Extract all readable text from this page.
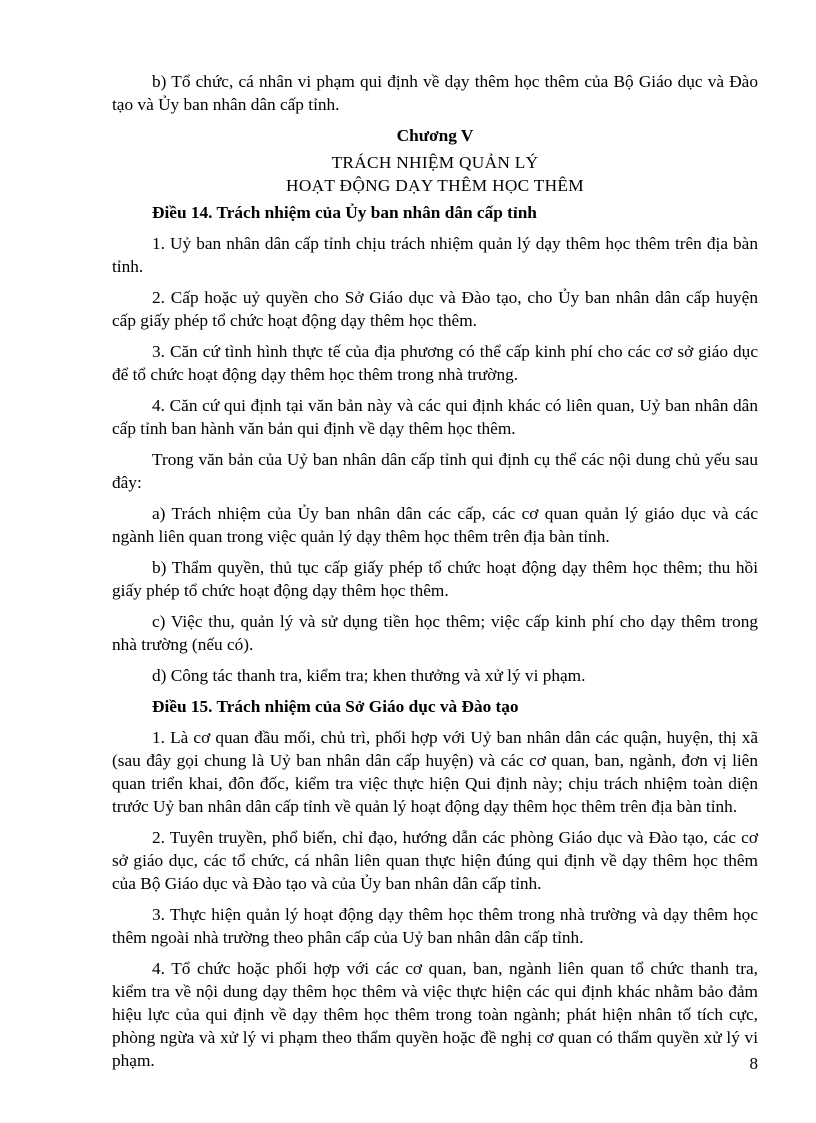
b) Tổ chức, cá nhân vi phạm qui định về dạy thêm học thêm của Bộ Giáo dục và Đào tạo và Ủy ban nhân dân cấp tỉnh.

Chương V
TRÁCH NHIỆM QUẢN LÝ
HOẠT ĐỘNG DẠY THÊM HỌC THÊM
Điều 14. Trách nhiệm của Ủy ban nhân dân cấp tỉnh

1. Uỷ ban nhân dân cấp tỉnh chịu trách nhiệm quản lý dạy thêm học thêm trên địa bàn tỉnh.

2. Cấp hoặc uỷ quyền cho Sở Giáo dục và Đào tạo, cho Ủy ban nhân dân cấp huyện cấp giấy phép tổ chức hoạt động dạy thêm học thêm.

3. Căn cứ tình hình thực tế của địa phương có thể cấp kinh phí cho các cơ sở giáo dục để tổ chức hoạt động dạy thêm học thêm trong nhà trường.

4. Căn cứ qui định tại văn bản này và các qui định khác có liên quan, Uỷ ban nhân dân cấp tỉnh ban hành văn bản qui định về dạy thêm học thêm.

Trong văn bản của Uỷ ban nhân dân cấp tỉnh qui định cụ thể các nội dung chủ yếu sau đây:

a) Trách nhiệm của Ủy ban nhân dân các cấp, các cơ quan quản lý giáo dục và các ngành liên quan trong việc quản lý dạy thêm học thêm trên địa bàn tỉnh.

b) Thẩm quyền, thủ tục cấp giấy phép tổ chức hoạt động dạy thêm học thêm; thu hồi giấy phép tổ chức hoạt động dạy thêm học thêm.

c) Việc thu, quản lý và sử dụng tiền học thêm; việc cấp kinh phí cho dạy thêm trong nhà trường (nếu có).

d) Công tác thanh tra, kiểm tra; khen thưởng và xử lý vi phạm.

Điều 15. Trách nhiệm của Sở Giáo dục và Đào tạo

1. Là cơ quan đầu mối, chủ trì, phối hợp với Uỷ ban nhân dân các quận, huyện, thị xã (sau đây gọi chung là Uỷ ban nhân dân cấp huyện) và các cơ quan, ban, ngành, đơn vị liên quan triển khai, đôn đốc, kiểm tra việc thực hiện Qui định này; chịu trách nhiệm toàn diện trước Uỷ ban nhân dân cấp tỉnh về quản lý hoạt động dạy thêm học thêm trên địa bàn tỉnh.

2. Tuyên truyền, phổ biến, chỉ đạo, hướng dẫn các phòng Giáo dục và Đào tạo, các cơ sở giáo dục, các tổ chức, cá nhân liên quan thực hiện đúng qui định về dạy thêm học thêm của Bộ Giáo dục và Đào tạo và của Ủy ban nhân dân cấp tỉnh.

3. Thực hiện quản lý hoạt động dạy thêm học thêm trong nhà trường và dạy thêm học thêm ngoài nhà trường theo phân cấp của Uỷ ban nhân dân cấp tỉnh.

4. Tổ chức hoặc phối hợp với các cơ quan, ban, ngành liên quan tổ chức thanh tra, kiểm tra về nội dung dạy thêm học thêm và việc thực hiện các qui định khác nhằm bảo đảm hiệu lực của qui định về dạy thêm học thêm trong toàn ngành; phát hiện nhân tố tích cực, phòng ngừa và xử lý vi phạm theo thẩm quyền hoặc đề nghị cơ quan có thẩm quyền xử lý vi phạm.	8
